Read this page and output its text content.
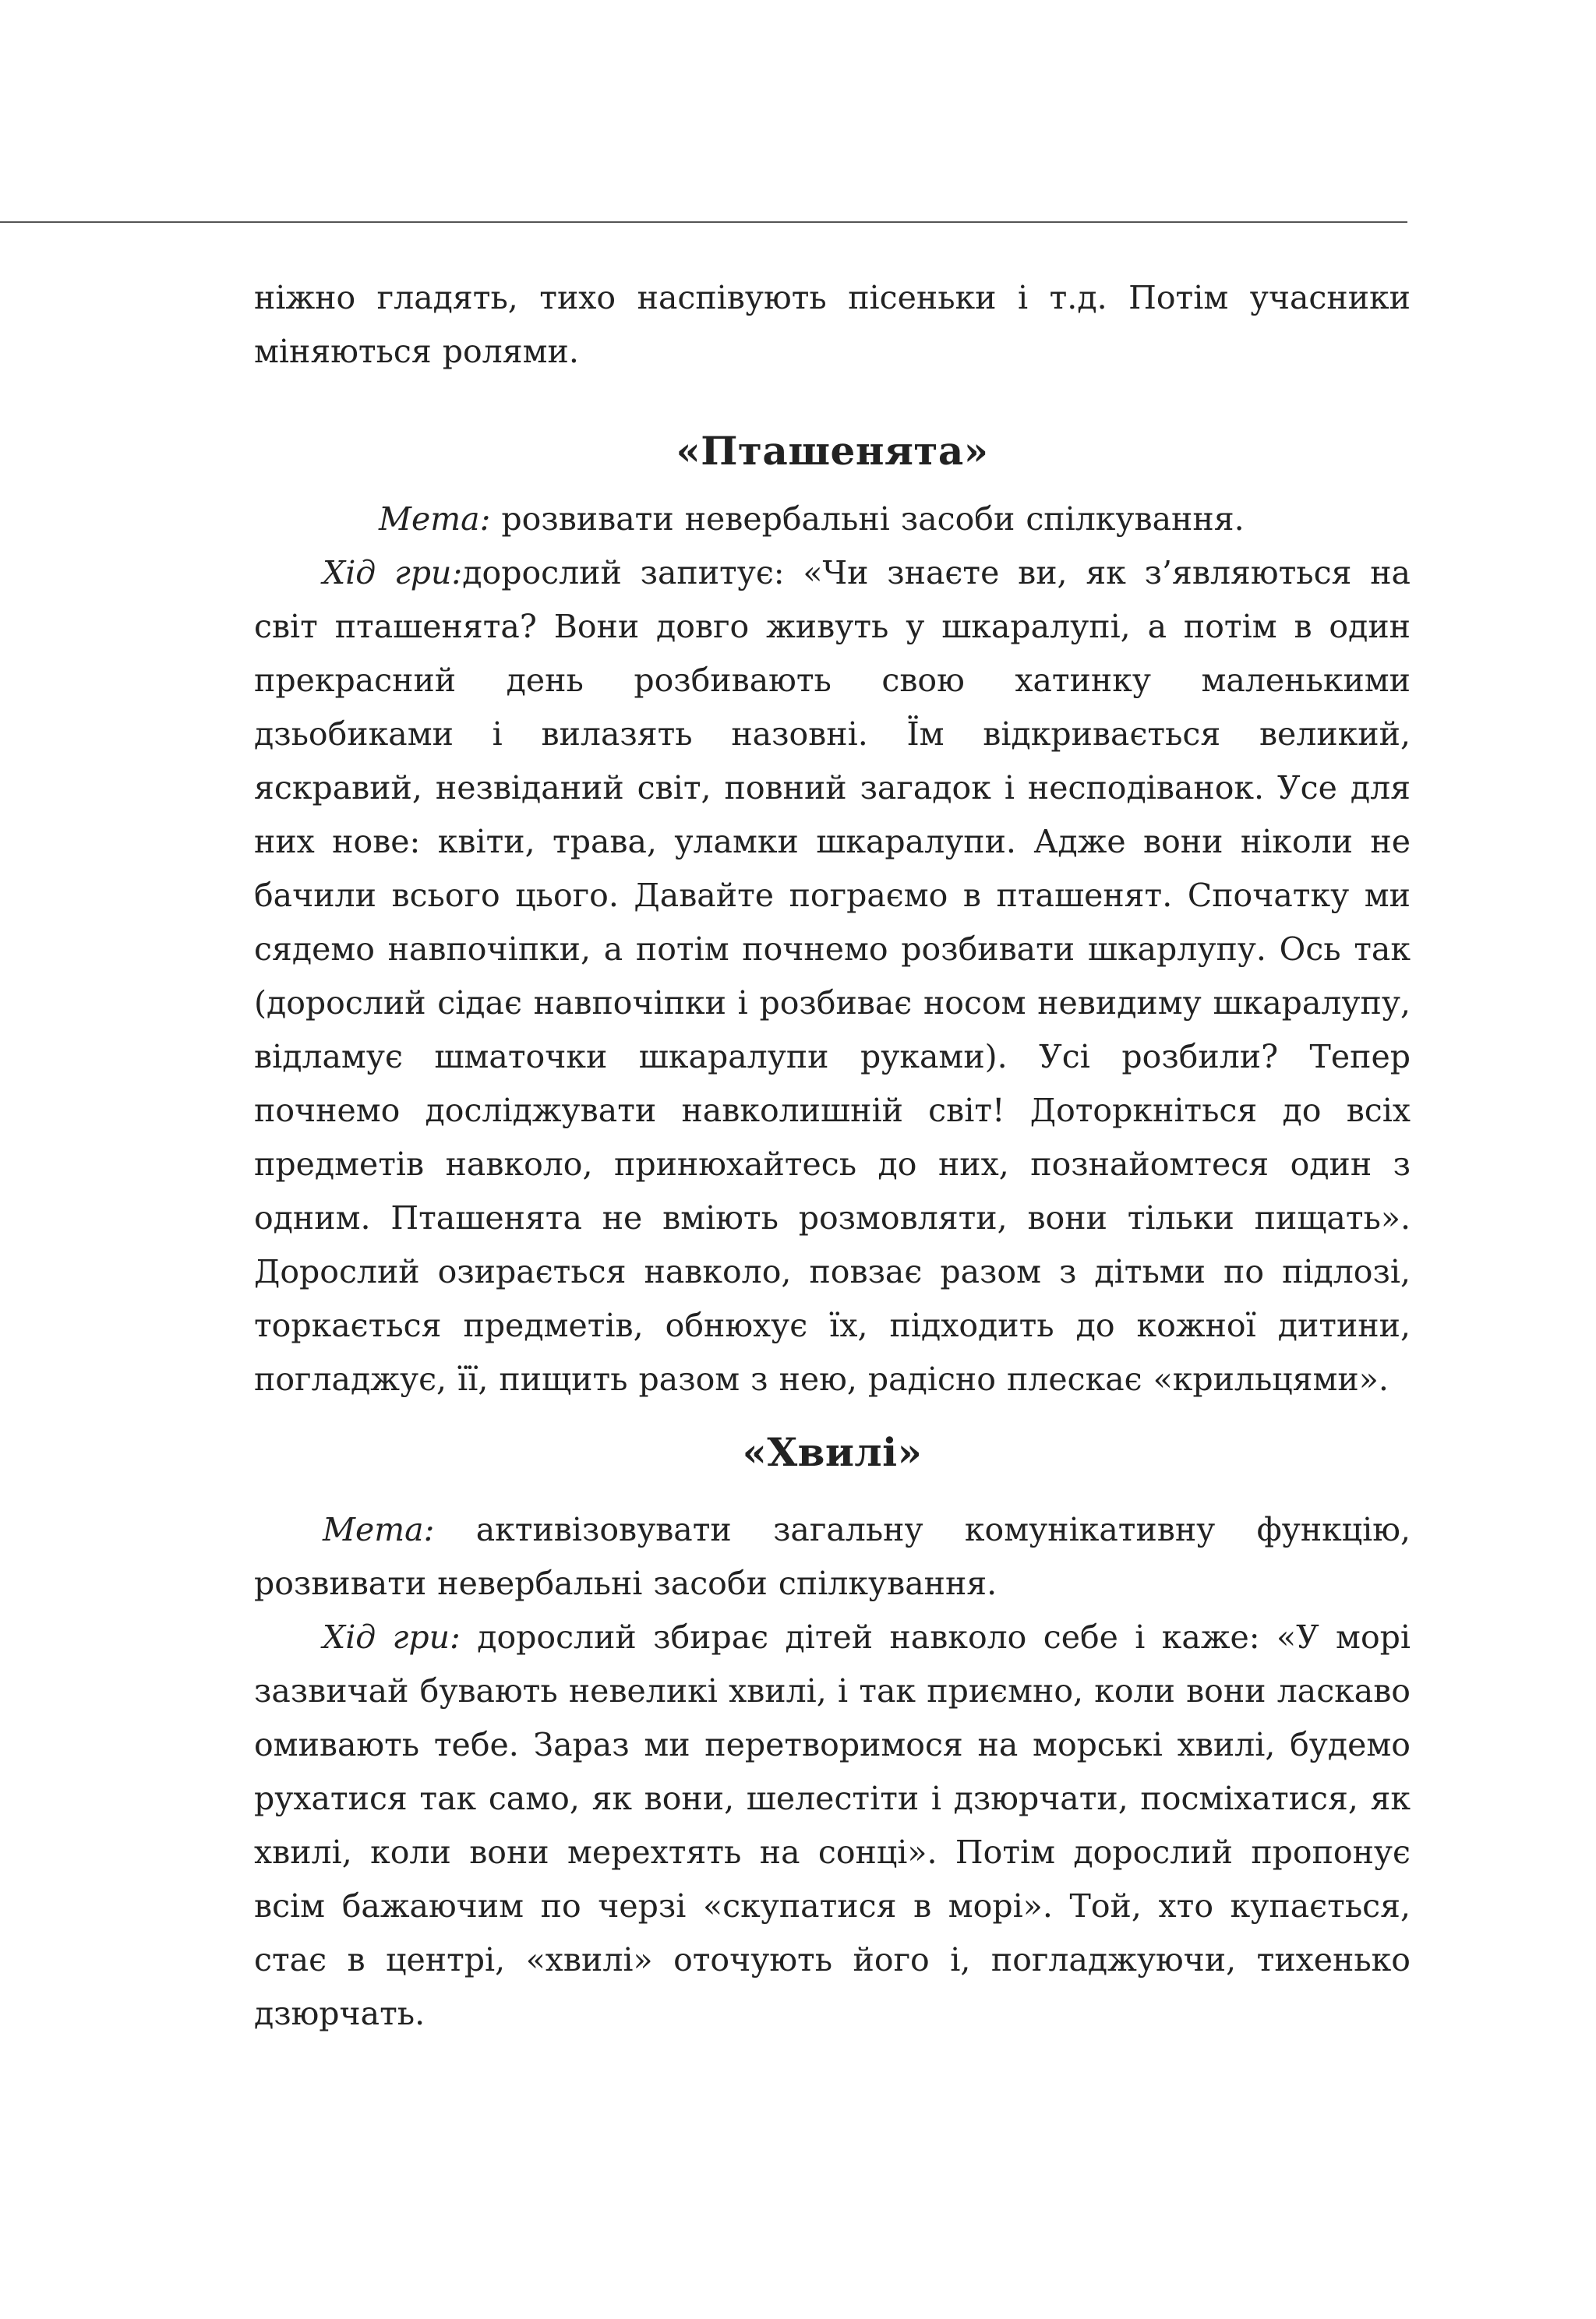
ніжно гладять, тихо наспівують пісеньки і т.д. Потім учасники міняються ролями.

«Пташенята»

Мета: розвивати невербальні засоби спілкування.

Хід гри:дорослий запитує: «Чи знаєте ви, як з’являються на світ пташенята? Вони довго живуть у шкаралупі, а потім в один прекрасний день розбивають свою хатинку маленькими дзьобиками і вилазять назовні. Їм відкривається великий, яскравий, незвіданий світ, повний загадок і несподіванок. Усе для них нове: квіти, трава, уламки шкаралупи. Адже вони ніколи не бачили всього цього. Давайте пограємо в пташенят. Спочатку ми сядемо навпочіпки, а потім почнемо розбивати шкарлупу. Ось так (дорослий сідає навпочіпки і розбиває носом невидиму шкаралупу, відламує шматочки шкаралупи руками). Усі розбили? Тепер почнемо досліджувати навколишній світ! Доторкніться до всіх предметів навколо, принюхайтесь до них, познайомтеся один з одним. Пташенята не вміють розмовляти, вони тільки пищать». Дорослий озирається навколо, повзає разом з дітьми по підлозі, торкається предметів, обнюхує їх, підходить до кожної дитини, погладжує, її, пищить разом з нею, радісно плескає «крильцями».

«Хвилі»

Мета: активізовувати загальну комунікативну функцію, розвивати невербальні засоби спілкування.

Хід гри: дорослий збирає дітей навколо себе і каже: «У морі зазвичай бувають невеликі хвилі, і так приємно, коли вони ласкаво омивають тебе. Зараз ми перетворимося на морські хвилі, будемо рухатися так само, як вони, шелестіти і дзюрчати, посміхатися, як хвилі, коли вони мерехтять на сонці». Потім дорослий пропонує всім бажаючим по черзі «скупатися в морі». Той, хто купається, стає в центрі, «хвилі» оточують його і, погладжуючи, тихенько дзюрчать.
